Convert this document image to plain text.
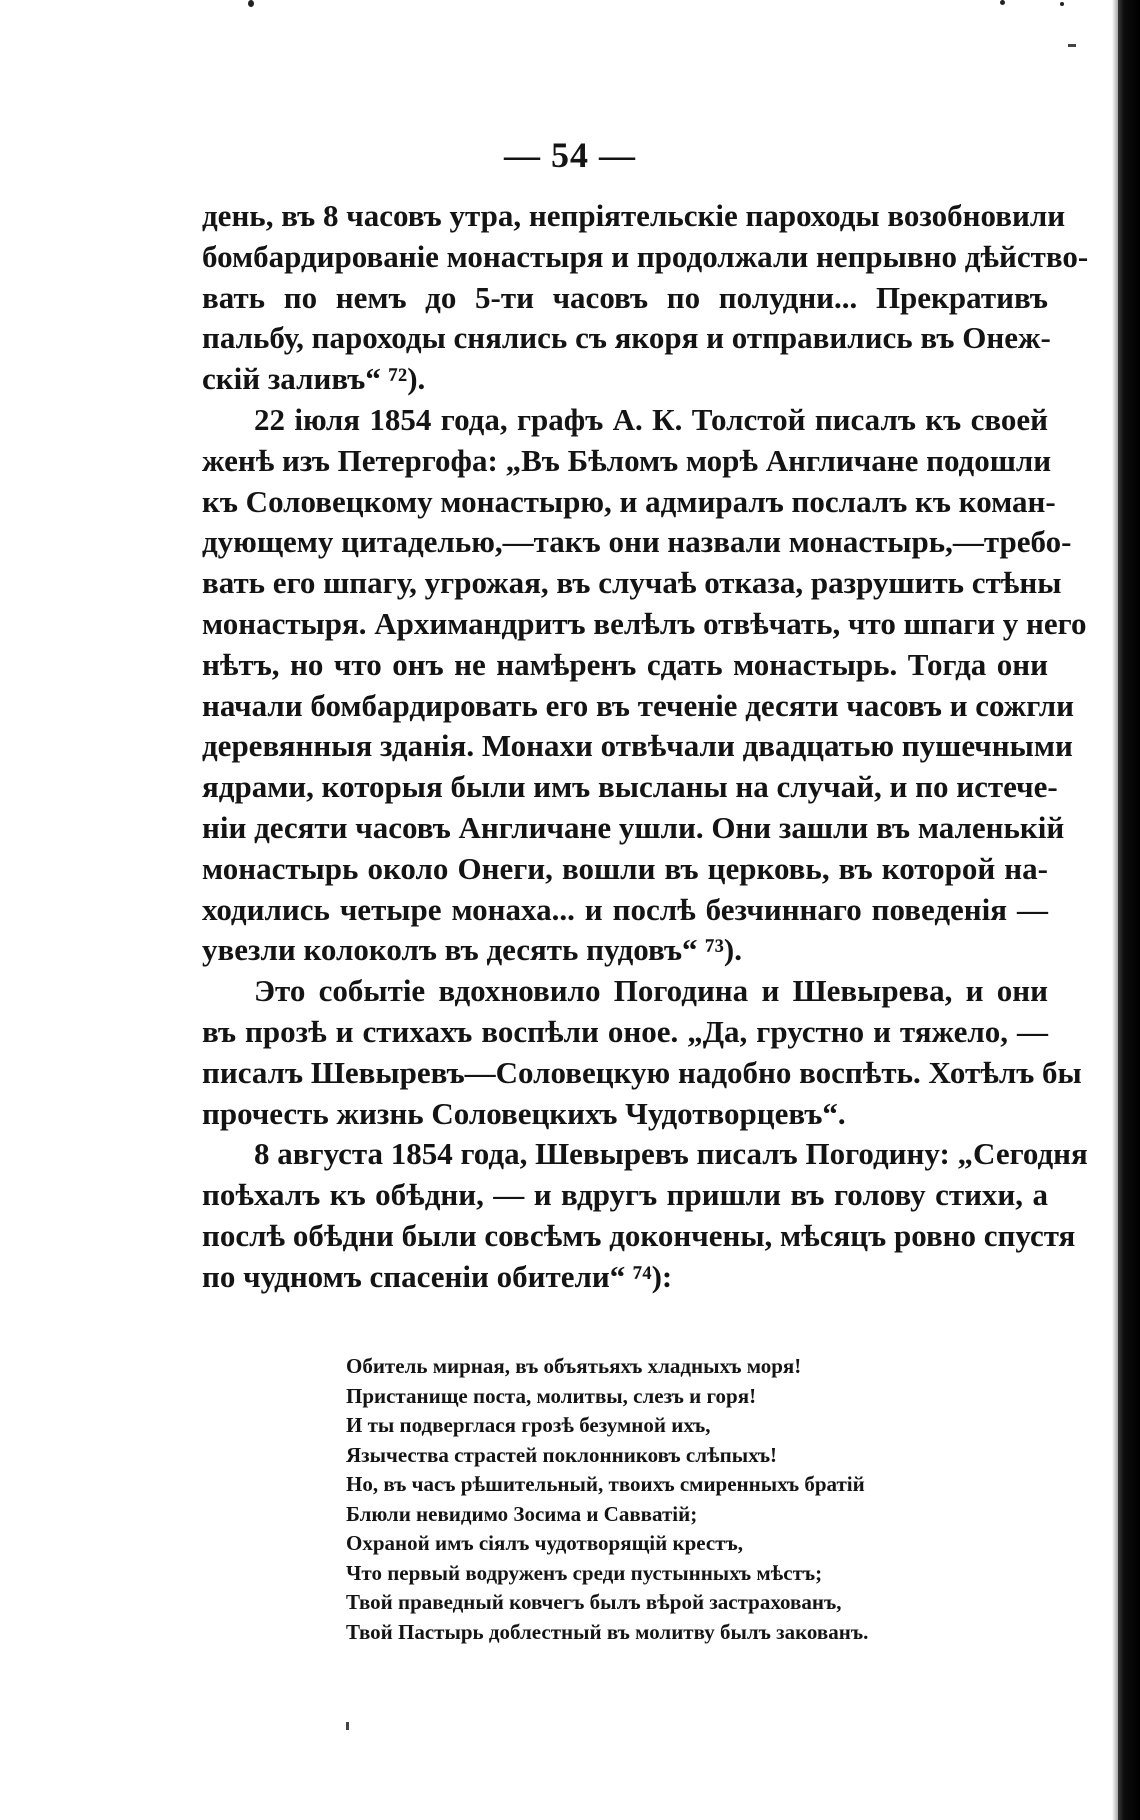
— 54 —
день, въ 8 часовъ утра, непріятельскіе пароходы возобновили
бомбардированіе монастыря и продолжали непрывно дѣйство-
вать по немъ до 5-ти часовъ по полудни... Прекративъ
пальбу, пароходы снялись съ якоря и отправились въ Онеж-
скій заливъ“ ⁷²).
22 іюля 1854 года, графъ А. К. Толстой писалъ къ своей
женѣ изъ Петергофа: „Въ Бѣломъ морѣ Англичане подошли
къ Соловецкому монастырю, и адмиралъ послалъ къ коман-
дующему цитаделью,—такъ они назвали монастырь,—требо-
вать его шпагу, угрожая, въ случаѣ отказа, разрушить стѣны
монастыря. Архимандритъ велѣлъ отвѣчать, что шпаги у него
нѣтъ, но что онъ не намѣренъ сдать монастырь. Тогда они
начали бомбардировать его въ теченіе десяти часовъ и сожгли
деревянныя зданія. Монахи отвѣчали двадцатью пушечными
ядрами, которыя были имъ высланы на случай, и по истече-
ніи десяти часовъ Англичане ушли. Они зашли въ маленькій
монастырь около Онеги, вошли въ церковь, въ которой на-
ходились четыре монаха... и послѣ безчиннаго поведенія —
увезли колоколъ въ десять пудовъ“ ⁷³).
Это событіе вдохновило Погодина и Шевырева, и они
въ прозѣ и стихахъ воспѣли оное. „Да, грустно и тяжело, —
писалъ Шевыревъ—Соловецкую надобно воспѣть. Хотѣлъ бы
прочесть жизнь Соловецкихъ Чудотворцевъ“.
8 августа 1854 года, Шевыревъ писалъ Погодину: „Сегодня
поѣхалъ къ обѣдни, — и вдругъ пришли въ голову стихи, а
послѣ обѣдни были совсѣмъ докончены, мѣсяцъ ровно спустя
по чудномъ спасеніи обители“ ⁷⁴):
Обитель мирная, въ объятьяхъ хладныхъ моря!
Пристанище поста, молитвы, слезъ и горя!
И ты подверглася грозѣ безумной ихъ,
Язычества страстей поклонниковъ слѣпыхъ!
Но, въ часъ рѣшительный, твоихъ смиренныхъ братій
Блюли невидимо Зосима и Савватій;
Охраной имъ сіялъ чудотворящій крестъ,
Что первый водруженъ среди пустынныхъ мѣстъ;
Твой праведный ковчегъ былъ вѣрой застрахованъ,
Твой Пастырь доблестный въ молитву былъ закованъ.
